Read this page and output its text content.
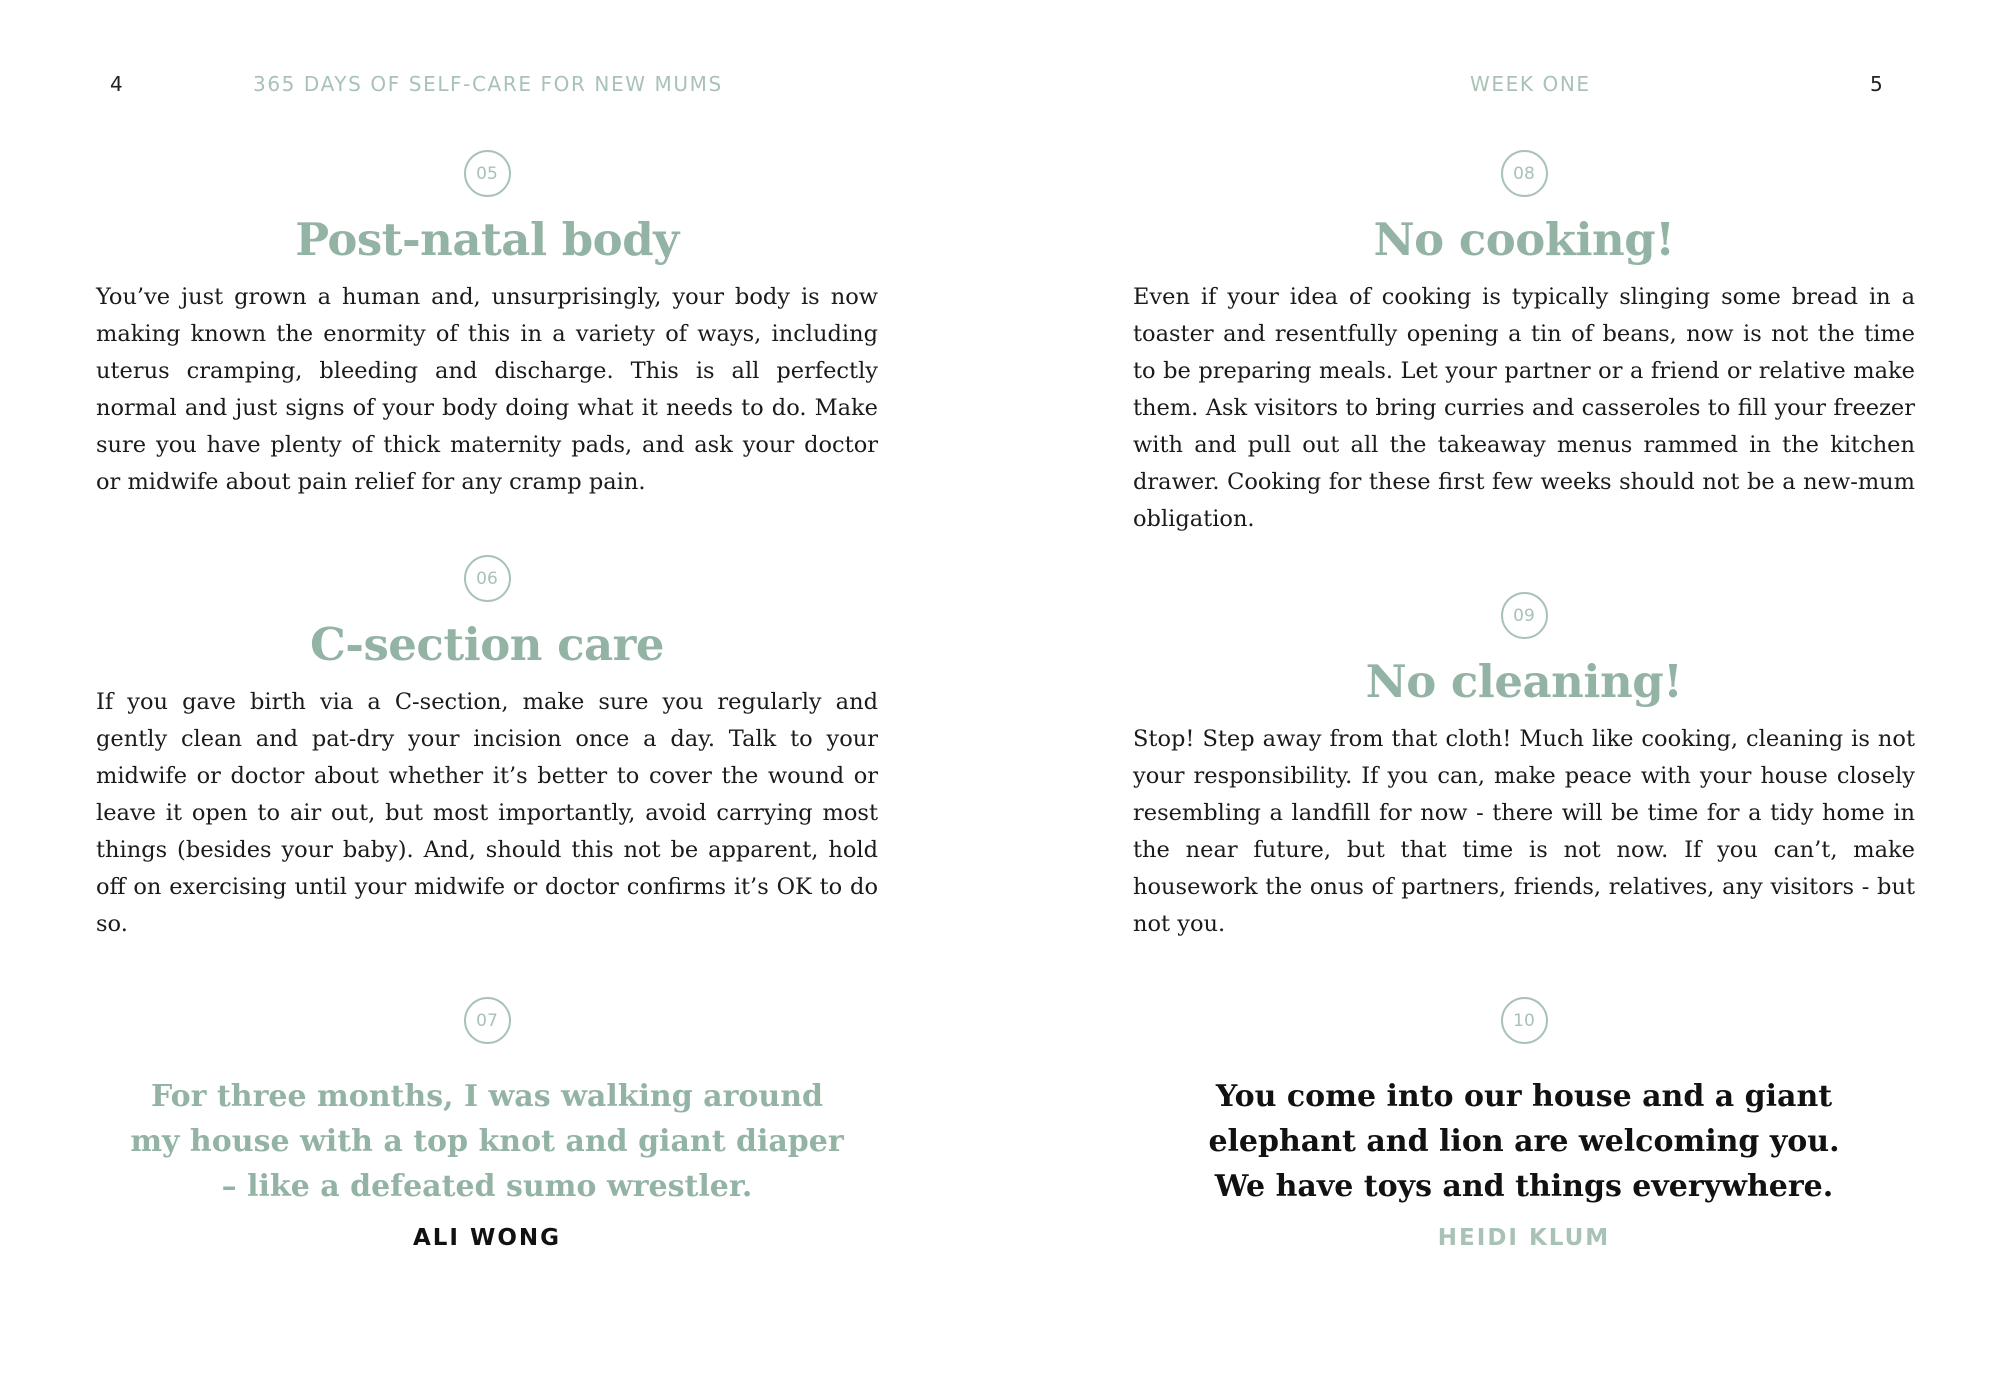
4	365 DAYS OF SELF-CARE FOR NEW MUMS
05
Post-natal body

You’ve just grown a human and, unsurprisingly, your body is now making known the enormity of this in a variety of ways, including uterus cramping, bleeding and discharge. This is all perfectly normal and just signs of your body doing what it needs to do. Make sure you have plenty of thick maternity pads, and ask your doctor or midwife about pain relief for any cramp pain.

06
C-section care

If you gave birth via a C-section, make sure you regularly and gently clean and pat-dry your incision once a day. Talk to your midwife or doctor about whether it’s better to cover the wound or leave it open to air out, but most importantly, avoid carrying most things (besides your baby). And, should this not be apparent, hold off on exercising until your midwife or doctor confirms it’s OK to do so.

07
For three months, I was walking around
my house with a top knot and giant diaper
– like a defeated sumo wrestler.
ALI WONG
WEEK ONE	5
08
No cooking!

Even if your idea of cooking is typically slinging some bread in a toaster and resentfully opening a tin of beans, now is not the time to be preparing meals. Let your partner or a friend or relative make them. Ask visitors to bring curries and casseroles to fill your freezer with and pull out all the takeaway menus rammed in the kitchen drawer. Cooking for these first few weeks should not be a new-mum obligation.

09
No cleaning!

Stop! Step away from that cloth! Much like cooking, cleaning is not your responsibility. If you can, make peace with your house closely resembling a landfill for now - there will be time for a tidy home in the near future, but that time is not now. If you can’t, make housework the onus of partners, friends, relatives, any visitors - but not you.

10
You come into our house and a giant
elephant and lion are welcoming you.
We have toys and things everywhere.
HEIDI KLUM
